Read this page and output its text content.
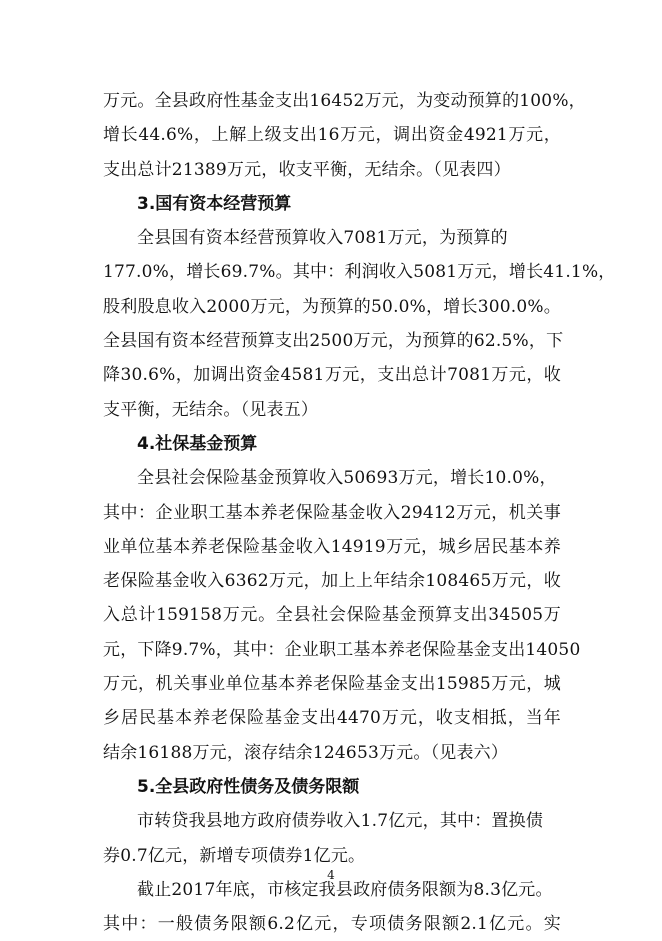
万元。全县政府性基金支出16452万元，为变动预算的100%，
增长44.6%，上解上级支出16万元，调出资金4921万元，
支出总计21389万元，收支平衡，无结余。（见表四）
3.国有资本经营预算
全县国有资本经营预算收入7081万元，为预算的
177.0%，增长69.7%。其中：利润收入5081万元，增长41.1%，
股利股息收入2000万元，为预算的50.0%，增长300.0%。
全县国有资本经营预算支出2500万元，为预算的62.5%，下
降30.6%，加调出资金4581万元，支出总计7081万元，收
支平衡，无结余。（见表五）
4.社保基金预算
全县社会保险基金预算收入50693万元，增长10.0%，
其中：企业职工基本养老保险基金收入29412万元，机关事
业单位基本养老保险基金收入14919万元，城乡居民基本养
老保险基金收入6362万元，加上上年结余108465万元，收
入总计159158万元。全县社会保险基金预算支出34505万
元，下降9.7%，其中：企业职工基本养老保险基金支出14050
万元，机关事业单位基本养老保险基金支出15985万元，城
乡居民基本养老保险基金支出4470万元，收支相抵，当年
结余16188万元，滚存结余124653万元。（见表六）
5.全县政府性债务及债务限额
市转贷我县地方政府债券收入1.7亿元，其中：置换债
券0.7亿元，新增专项债券1亿元。
截止2017年底，市核定我县政府债务限额为8.3亿元。
其中：一般债务限额6.2亿元，专项债务限额2.1亿元。实
4
